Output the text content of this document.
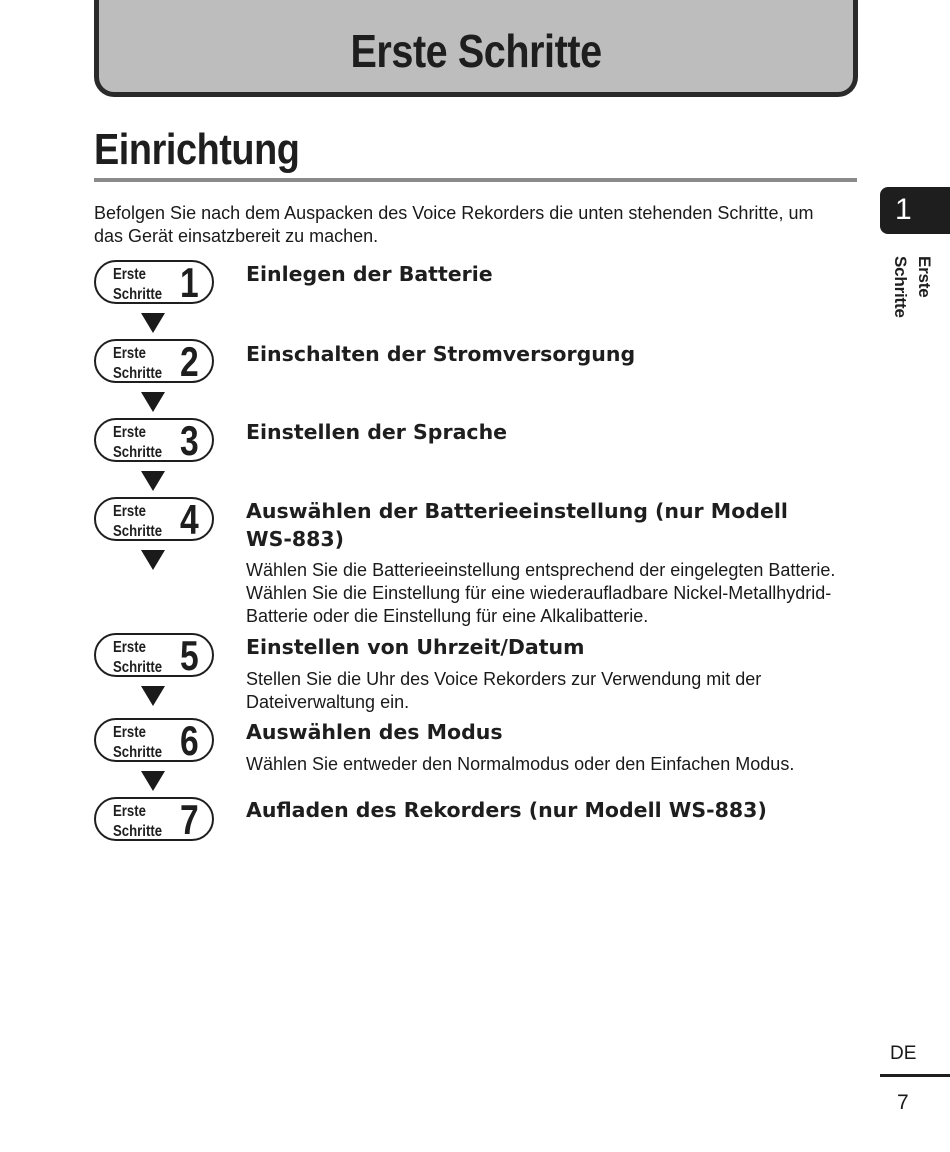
Erste Schritte
Einrichtung
Befolgen Sie nach dem Auspacken des Voice Rekorders die unten stehenden Schritte, um das Gerät einsatzbereit zu machen.
Erste
Schritte 1 Einlegen der Batterie
Erste
Schritte 2 Einschalten der Stromversorgung
Erste
Schritte 3 Einstellen der Sprache
Erste
Schritte 4 Auswählen der Batterieeinstellung (nur Modell WS-883)
Wählen Sie die Batterieeinstellung entsprechend der eingelegten Batterie. Wählen Sie die Einstellung für eine wiederaufladbare Nickel-Metallhydrid-Batterie oder die Einstellung für eine Alkalibatterie.
Erste
Schritte 5 Einstellen von Uhrzeit/Datum
Stellen Sie die Uhr des Voice Rekorders zur Verwendung mit der Dateiverwaltung ein.
Erste
Schritte 6 Auswählen des Modus
Wählen Sie entweder den Normalmodus oder den Einfachen Modus.
Erste
Schritte 7 Aufladen des Rekorders (nur Modell WS-883)
1
Erste Schritte
DE
7
